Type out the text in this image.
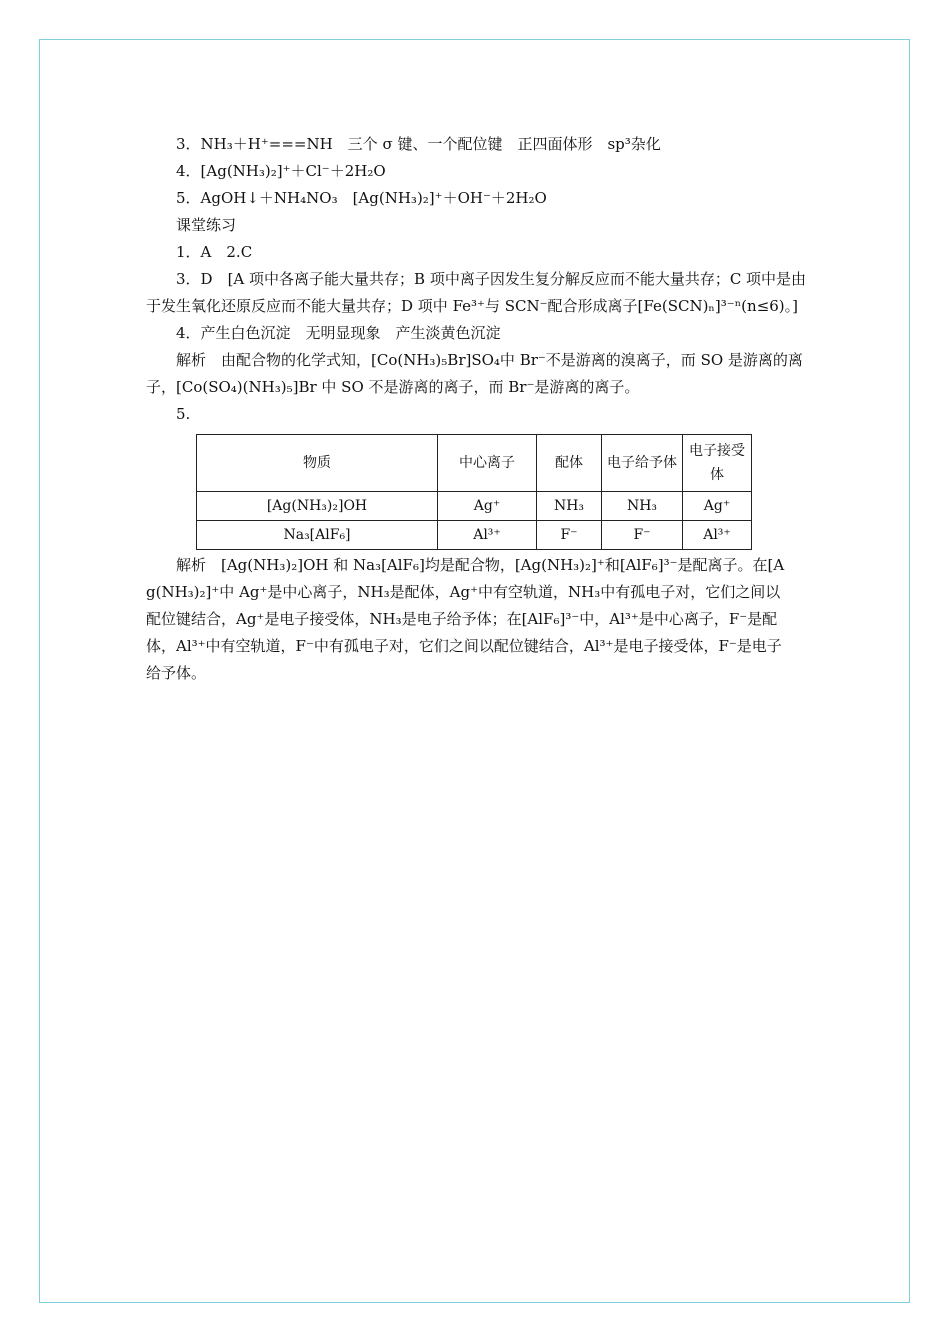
3．NH₃＋H⁺===NH　三个 σ 键、一个配位键　正四面体形　sp³杂化
4．[Ag(NH₃)₂]⁺＋Cl⁻＋2H₂O
5．AgOH↓＋NH₄NO₃　[Ag(NH₃)₂]⁺＋OH⁻＋2H₂O
课堂练习
1．A　2.C
3．D　[A 项中各离子能大量共存；B 项中离子因发生复分解反应而不能大量共存；C 项中是由于发生氧化还原反应而不能大量共存；D 项中 Fe³⁺与 SCN⁻配合形成离子[Fe(SCN)ₙ]³⁻ⁿ(n≤6)。]
4．产生白色沉淀　无明显现象　产生淡黄色沉淀
解析　由配合物的化学式知，[Co(NH₃)₅Br]SO₄中 Br⁻不是游离的溴离子，而 SO 是游离的离子，[Co(SO₄)(NH₃)₅]Br 中 SO 不是游离的离子，而 Br⁻是游离的离子。
5.
物质	中心离子	配体	电子给予体	电子接受体
[Ag(NH₃)₂]OH	Ag⁺	NH₃	NH₃	Ag⁺
Na₃[AlF₆]	Al³⁺	F⁻	F⁻	Al³⁺
解析　[Ag(NH₃)₂]OH 和 Na₃[AlF₆]均是配合物，[Ag(NH₃)₂]⁺和[AlF₆]³⁻是配离子。在[Ag(NH₃)₂]⁺中 Ag⁺是中心离子，NH₃是配体，Ag⁺中有空轨道，NH₃中有孤电子对，它们之间以配位键结合，Ag⁺是电子接受体，NH₃是电子给予体；在[AlF₆]³⁻中，Al³⁺是中心离子，F⁻是配体，Al³⁺中有空轨道，F⁻中有孤电子对，它们之间以配位键结合，Al³⁺是电子接受体，F⁻是电子给予体。
